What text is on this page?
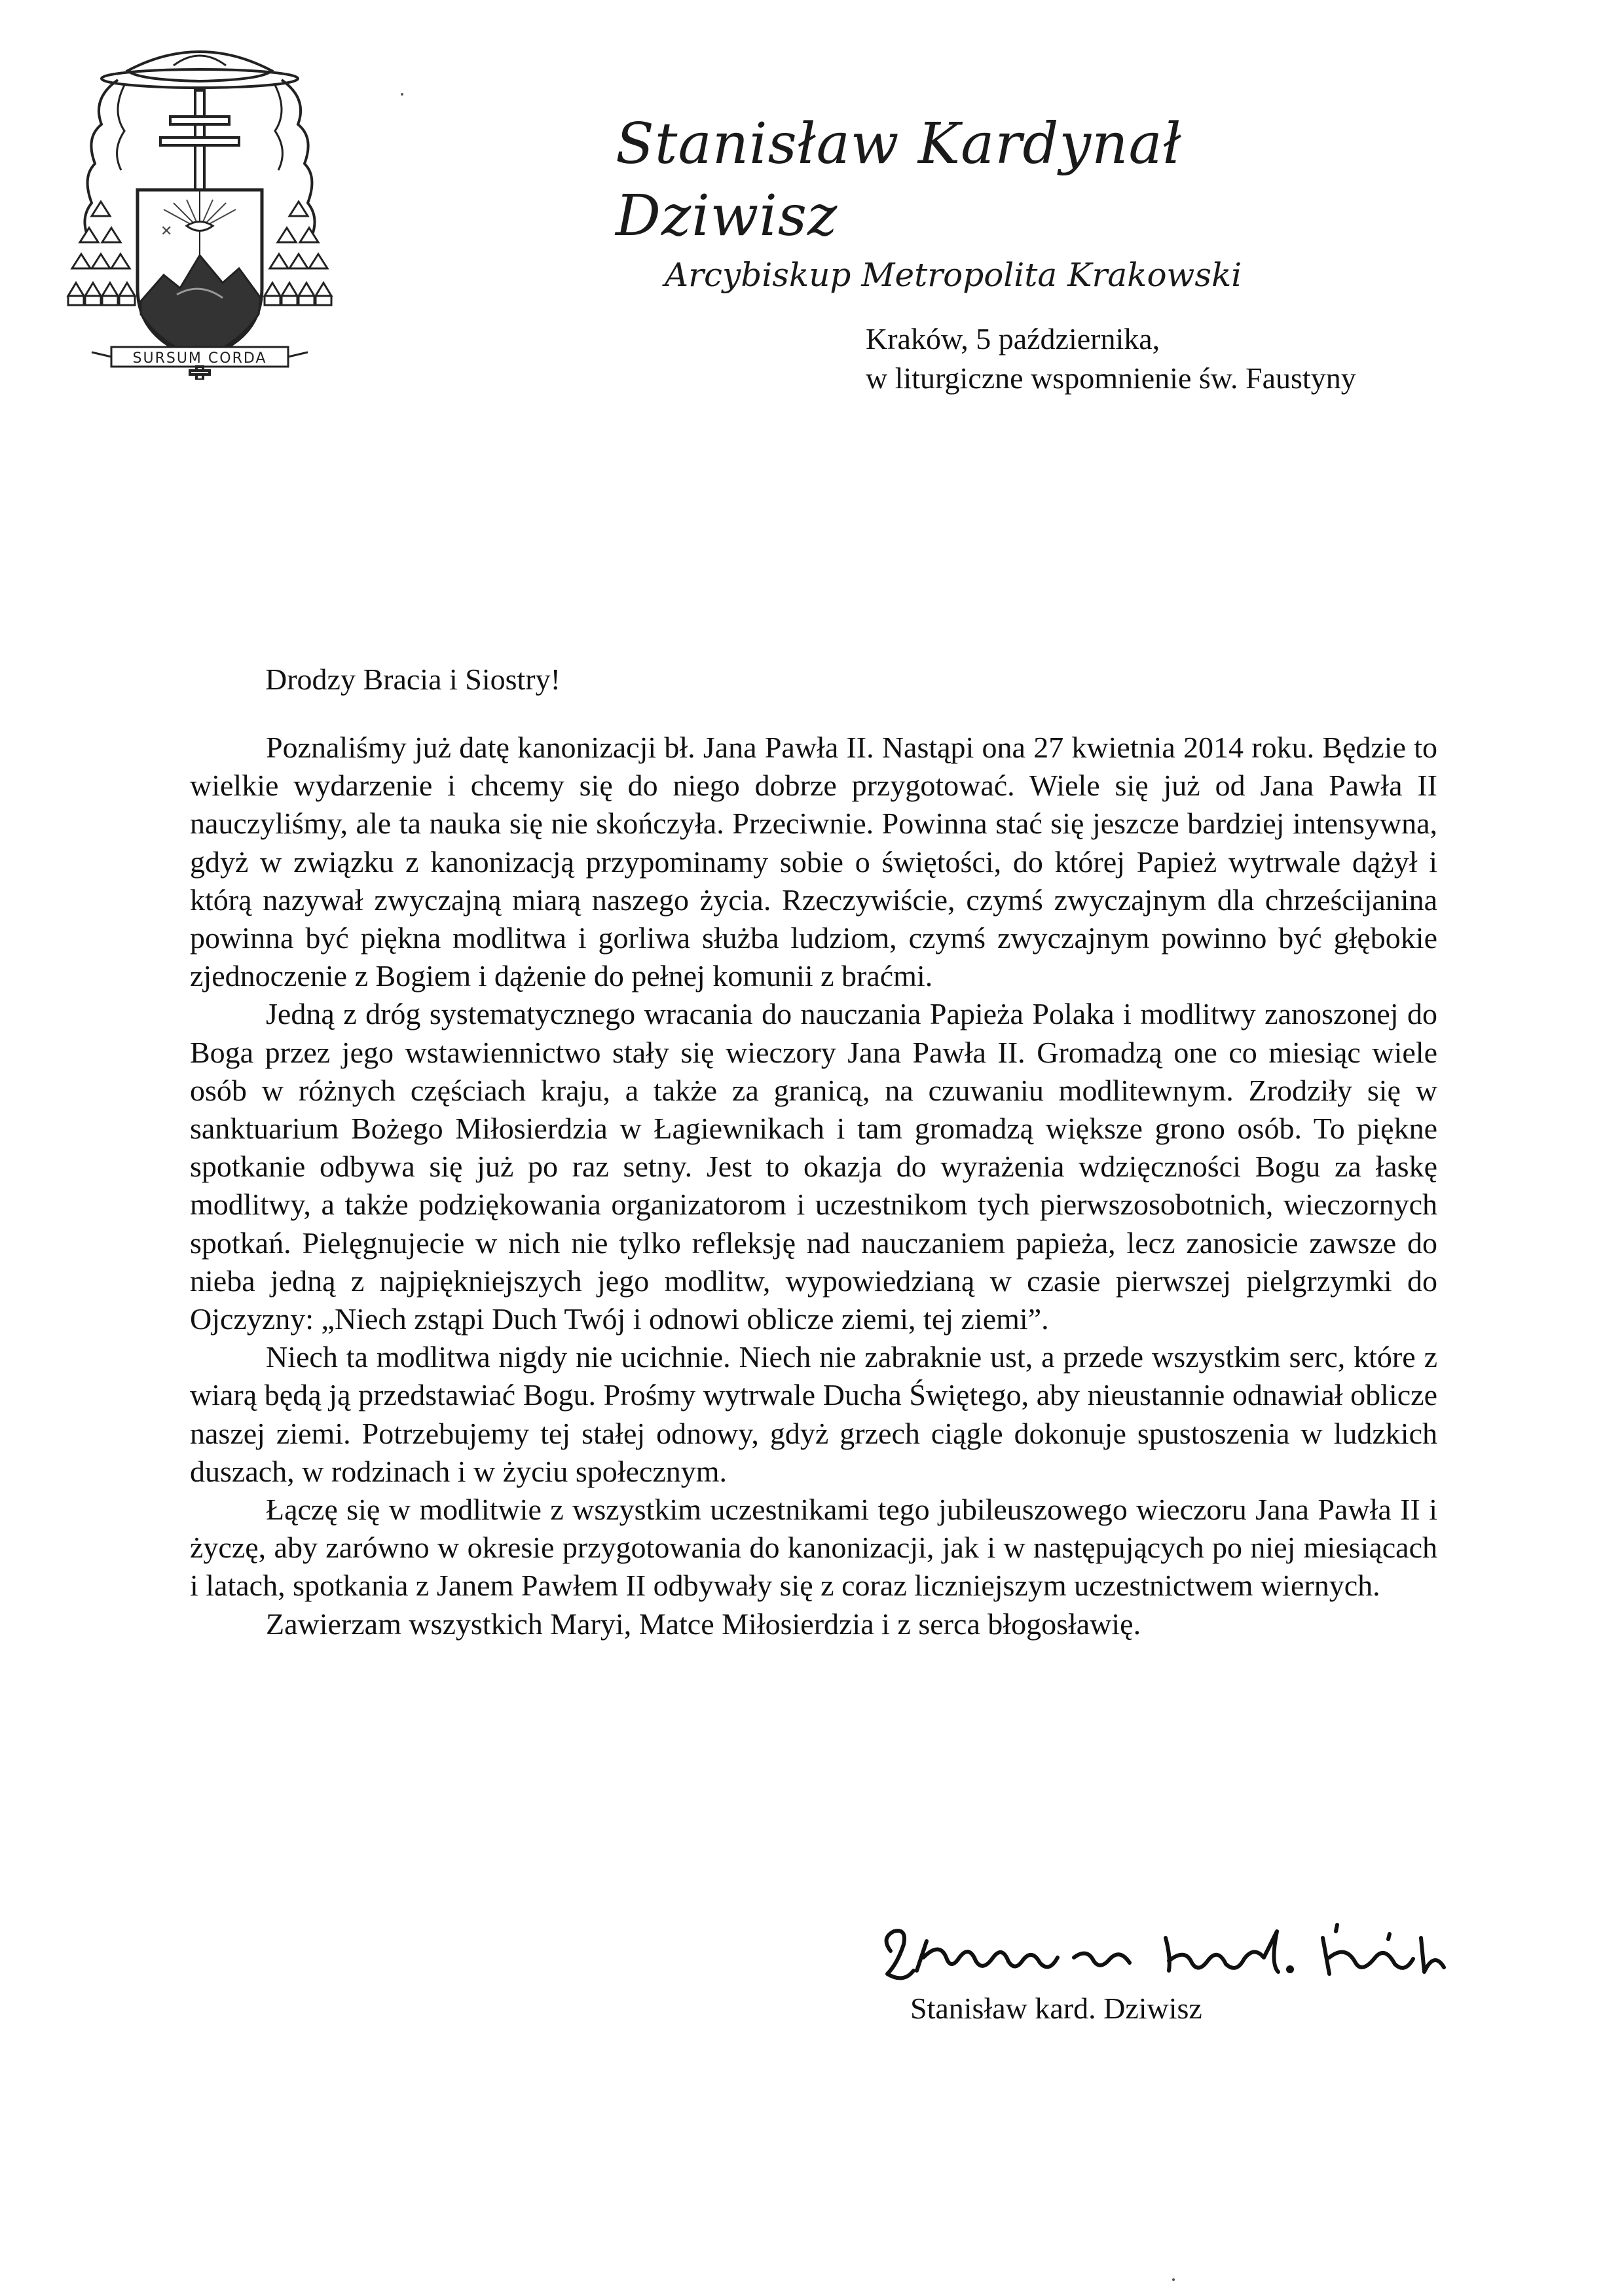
✕
SURSUM CORDA
Stanisław Kardynał Dziwisz
Arcybiskup Metropolita Krakowski
Kraków, 5 października,
w liturgiczne wspomnienie św. Faustyny
Drodzy Bracia i Siostry!

Poznaliśmy już datę kanonizacji bł. Jana Pawła II. Nastąpi ona 27 kwietnia 2014 roku. Będzie to wielkie wydarzenie i chcemy się do niego dobrze przygotować. Wiele się już od Jana Pawła II nauczyliśmy, ale ta nauka się nie skończyła. Przeciwnie. Powinna stać się jeszcze bardziej intensywna, gdyż w związku z kanonizacją przypominamy sobie o świętości, do której Papież wytrwale dążył i którą nazywał zwyczajną miarą naszego życia. Rzeczywiście, czymś zwyczajnym dla chrześcijanina powinna być piękna modlitwa i gorliwa służba ludziom, czymś zwyczajnym powinno być głębokie zjednoczenie z Bogiem i dążenie do pełnej komunii z braćmi.

Jedną z dróg systematycznego wracania do nauczania Papieża Polaka i modlitwy zanoszonej do Boga przez jego wstawiennictwo stały się wieczory Jana Pawła II. Gromadzą one co miesiąc wiele osób w różnych częściach kraju, a także za granicą, na czuwaniu modlitewnym. Zrodziły się w sanktuarium Bożego Miłosierdzia w Łagiewnikach i tam gromadzą większe grono osób. To piękne spotkanie odbywa się już po raz setny. Jest to okazja do wyrażenia wdzięczności Bogu za łaskę modlitwy, a także podziękowania organizatorom i uczestnikom tych pierwszosobotnich, wieczornych spotkań. Pielęgnujecie w nich nie tylko refleksję nad nauczaniem papieża, lecz zanosicie zawsze do nieba jedną z najpiękniejszych jego modlitw, wypowiedzianą w czasie pierwszej pielgrzymki do Ojczyzny: „Niech zstąpi Duch Twój i odnowi oblicze ziemi, tej ziemi”.

Niech ta modlitwa nigdy nie ucichnie. Niech nie zabraknie ust, a przede wszystkim serc, które z wiarą będą ją przedstawiać Bogu. Prośmy wytrwale Ducha Świętego, aby nieustannie odnawiał oblicze naszej ziemi. Potrzebujemy tej stałej odnowy, gdyż grzech ciągle dokonuje spustoszenia w ludzkich duszach, w rodzinach i w życiu społecznym.

Łączę się w modlitwie z wszystkim uczestnikami tego jubileuszowego wieczoru Jana Pawła II i życzę, aby zarówno w okresie przygotowania do kanonizacji, jak i w następujących po niej miesiącach i latach, spotkania z Janem Pawłem II odbywały się z coraz liczniejszym uczestnictwem wiernych.

Zawierzam wszystkich Maryi, Matce Miłosierdzia i z serca błogosławię.

Stanisław kard. Dziwisz
